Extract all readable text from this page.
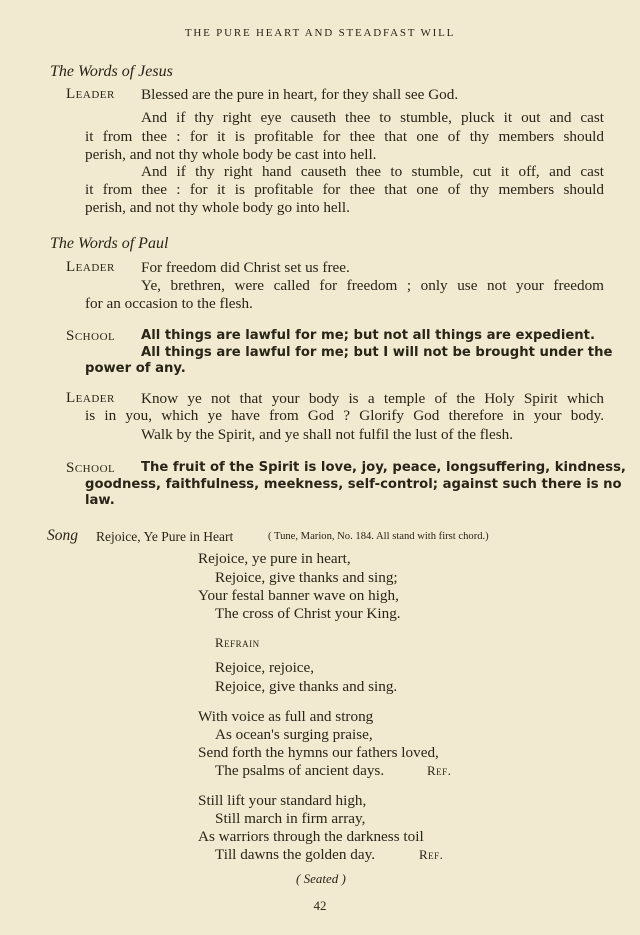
THE PURE HEART AND STEADFAST WILL
The Words of Jesus
Leader Blessed are the pure in heart, for they shall see God.
And if thy right eye causeth thee to stumble, pluck it out and cast
it from thee : for it is profitable for thee that one of thy members should
perish, and not thy whole body be cast into hell.
And if thy right hand causeth thee to stumble, cut it off, and cast
it from thee : for it is profitable for thee that one of thy members should
perish, and not thy whole body go into hell.
The Words of Paul
Leader For freedom did Christ set us free.
Ye, brethren, were called for freedom ; only use not your freedom
for an occasion to the flesh.
School All things are lawful for me; but not all things are expedient.
All things are lawful for me; but I will not be brought under the
power of any.
Leader Know ye not that your body is a temple of the Holy Spirit which
is in you, which ye have from God ? Glorify God therefore in your body.
Walk by the Spirit, and ye shall not fulfil the lust of the flesh.
School The fruit of the Spirit is love, joy, peace, longsuffering, kindness,
goodness, faithfulness, meekness, self-control; against such there is no
law.
Song Rejoice, Ye Pure in Heart	( Tune, Marion, No. 184. All stand with first chord.)
Rejoice, ye pure in heart,
Rejoice, give thanks and sing;
Your festal banner wave on high,
The cross of Christ your King.
Refrain
Rejoice, rejoice,
Rejoice, give thanks and sing.
With voice as full and strong
As ocean's surging praise,
Send forth the hymns our fathers loved,
The psalms of ancient days.	Ref.
Still lift your standard high,
Still march in firm array,
As warriors through the darkness toil
Till dawns the golden day.	Ref.
( Seated )
42
